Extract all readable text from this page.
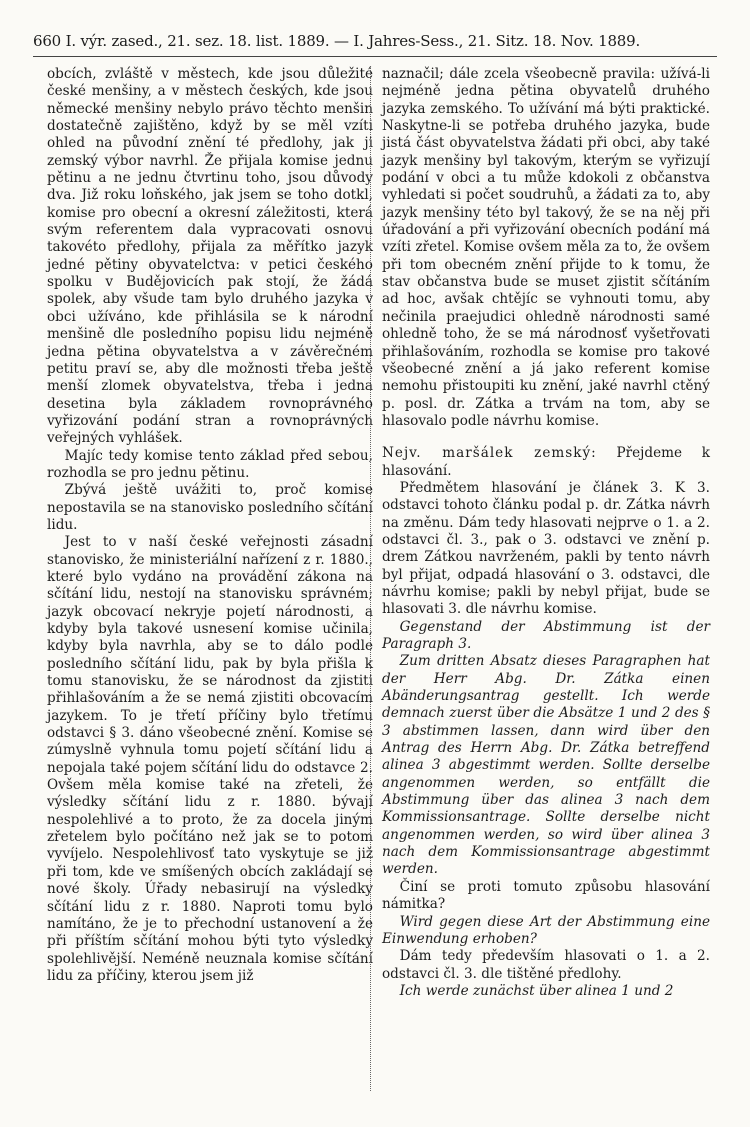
660 I. výr. zased., 21. sez. 18. list. 1889. — I. Jahres-Sess., 21. Sitz. 18. Nov. 1889.

obcích, zvláště v městech, kde jsou důležité české menšiny, a v městech českých, kde jsou německé menšiny nebylo právo těchto menšin dostatečně zajištěno, když by se měl vzíti ohled na původní znění té předlohy, jak ji zemský výbor navrhl. Že přijala komise jednu pětinu a ne jednu čtvrtinu toho, jsou důvody dva. Již roku loňského, jak jsem se toho dotkl, komise pro obecní a okresní záležitosti, která svým referentem dala vypracovati osnovu takovéto předlohy, přijala za měřítko jazyk jedné pětiny obyvatelctva: v petici českého spolku v Budějovicích pak stojí, že žádá spolek, aby všude tam bylo druhého jazyka v obci užíváno, kde přihlásila se k národní menšině dle posledního popisu lidu nejméně jedna pětina obyvatelstva a v závěrečném petitu praví se, aby dle možnosti třeba ještě menší zlomek obyvatelstva, třeba i jedna desetina byla základem rovnoprávného vyřizování podání stran a rovnoprávných veřejných vyhlášek.

Majíc tedy komise tento základ před sebou, rozhodla se pro jednu pětinu.

Zbývá ještě uvážiti to, proč komise nepostavila se na stanovisko posledního sčítání lidu.

Jest to v naší české veřejnosti zásadní stanovisko, že ministeriální nařízení z r. 1880., které bylo vydáno na provádění zákona na sčítání lidu, nestojí na stanovisku správném; jazyk obcovací nekryje pojetí národnosti, a kdyby byla takové usnesení komise učinila, kdyby byla navrhla, aby se to dálo podle posledního sčítání lidu, pak by byla přišla k tomu stanovisku, že se národnost da zjistiti přihlašováním a že se nemá zjistiti obcovacím jazykem. To je třetí příčiny bylo třetímu odstavci § 3. dáno všeobecné znění. Komise se zúmyslně vyhnula tomu pojetí sčítání lidu a nepojala také pojem sčítání lidu do odstavce 2. Ovšem měla komise také na zřeteli, že výsledky sčítání lidu z r. 1880. bývají nespolehlivé a to proto, že za docela jiným zřetelem bylo počítáno než jak se to potom vyvíjelo. Nespolehlivosť tato vyskytuje se již při tom, kde ve smíšených obcích zakládají se nové školy. Úřady nebasirují na výsledky sčítání lidu z r. 1880. Naproti tomu bylo namítáno, že je to přechodní ustanovení a že při příštím sčítání mohou býti tyto výsledky spolehlivější. Neméně neuznala komise sčítání lidu za příčiny, kterou jsem již

naznačil; dále zcela všeobecně pravila: užívá-li nejméně jedna pětina obyvatelů druhého jazyka zemského. To užívání má býti praktické. Naskytne-li se potřeba druhého jazyka, bude jistá část obyvatelstva žádati při obci, aby také jazyk menšiny byl takovým, kterým se vyřizují podání v obci a tu může kdokoli z občanstva vyhledati si počet soudruhů, a žádati za to, aby jazyk menšiny této byl takový, že se na něj při úřadování a při vyřizování obecních podání má vzíti zřetel. Komise ovšem měla za to, že ovšem při tom obecném znění přijde to k tomu, že stav občanstva bude se muset zjistit sčítáním ad hoc, avšak chtějíc se vyhnouti tomu, aby nečinila praejudici ohledně národnosti samé ohledně toho, že se má národnosť vyšetřovati přihlašováním, rozhodla se komise pro takové všeobecné znění a já jako referent komise nemohu přistoupiti ku znění, jaké navrhl ctěný p. posl. dr. Zátka a trvám na tom, aby se hlasovalo podle návrhu komise.

Nejv. maršálek zemský: Přejdeme k hlasování.

Předmětem hlasování je článek 3. K 3. odstavci tohoto článku podal p. dr. Zátka návrh na změnu. Dám tedy hlasovati nejprve o 1. a 2. odstavci čl. 3., pak o 3. odstavci ve znění p. drem Zátkou navrženém, pakli by tento návrh byl přijat, odpadá hlasování o 3. odstavci, dle návrhu komise; pakli by nebyl přijat, bude se hlasovati 3. dle návrhu komise.

Gegenstand der Abstimmung ist der Paragraph 3.

Zum dritten Absatz dieses Paragraphen hat der Herr Abg. Dr. Zátka einen Abänderungsantrag gestellt. Ich werde demnach zuerst über die Absätze 1 und 2 des § 3 abstimmen lassen, dann wird über den Antrag des Herrn Abg. Dr. Zátka betreffend alinea 3 abgestimmt werden. Sollte derselbe angenommen werden, so entfällt die Abstimmung über das alinea 3 nach dem Kommissionsantrage. Sollte derselbe nicht angenommen werden, so wird über alinea 3 nach dem Kommissionsantrage abgestimmt werden.

Činí se proti tomuto způsobu hlasování námitka?

Wird gegen diese Art der Abstimmung eine Einwendung erhoben?

Dám tedy především hlasovati o 1. a 2. odstavci čl. 3. dle tištěné předlohy.

Ich werde zunächst über alinea 1 und 2
